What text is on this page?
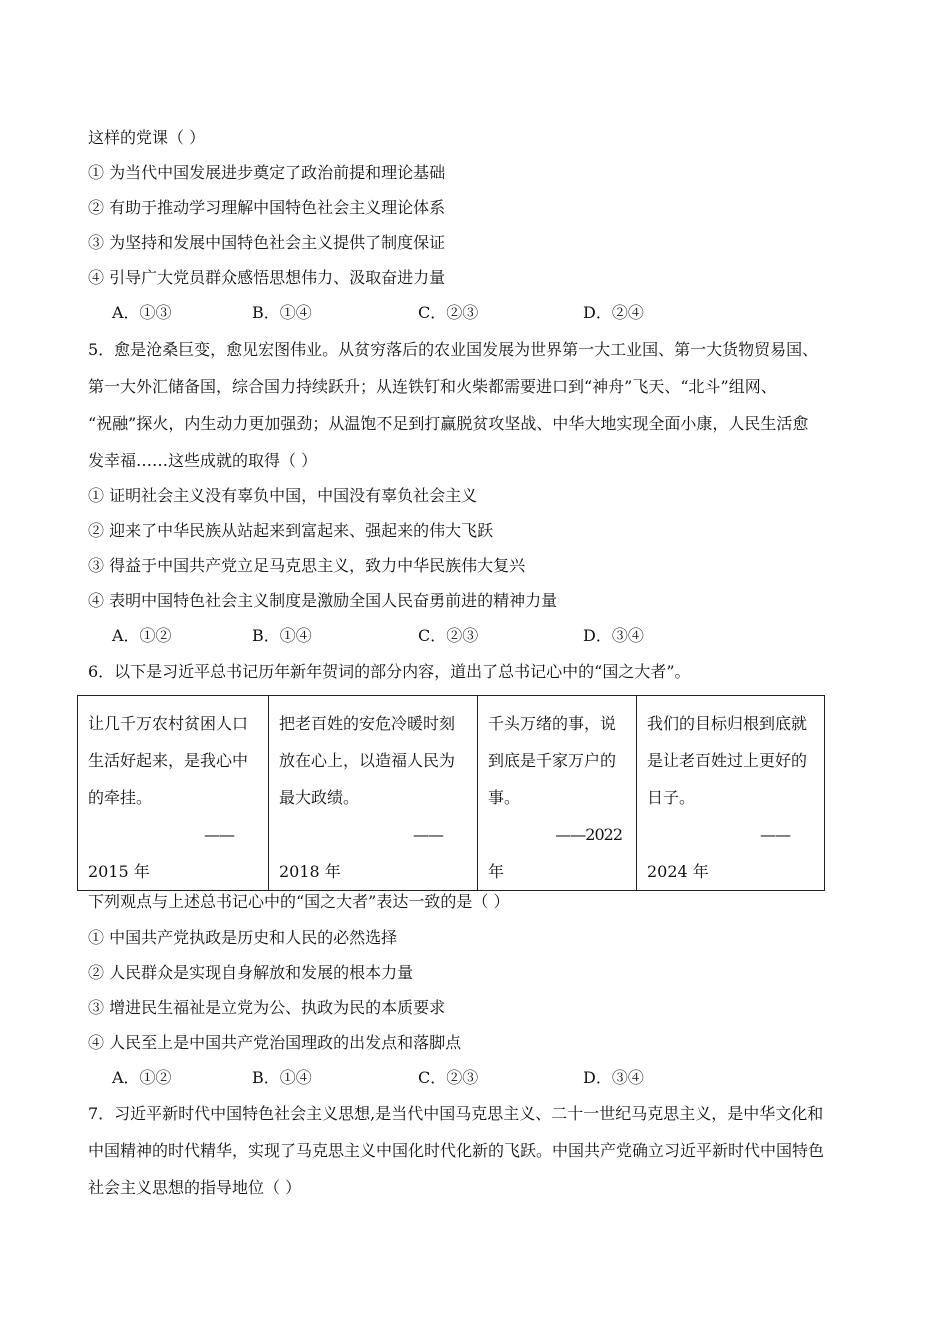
这样的党课（ ）
① 为当代中国发展进步奠定了政治前提和理论基础
② 有助于推动学习理解中国特色社会主义理论体系
③ 为坚持和发展中国特色社会主义提供了制度保证
④ 引导广大党员群众感悟思想伟力、汲取奋进力量
A．①③	B．①④	C．②③	D．②④
5．愈是沧桑巨变，愈见宏图伟业。从贫穷落后的农业国发展为世界第一大工业国、第一大货物贸易国、
第一大外汇储备国，综合国力持续跃升；从连铁钉和火柴都需要进口到“神舟”飞天、“北斗”组网、
“祝融”探火，内生动力更加强劲；从温饱不足到打赢脱贫攻坚战、中华大地实现全面小康，人民生活愈
发幸福……这些成就的取得（ ）
① 证明社会主义没有辜负中国，中国没有辜负社会主义
② 迎来了中华民族从站起来到富起来、强起来的伟大飞跃
③ 得益于中国共产党立足马克思主义，致力中华民族伟大复兴
④ 表明中国特色社会主义制度是激励全国人民奋勇前进的精神力量
A．①②	B．①④	C．②③	D．③④
6．以下是习近平总书记历年新年贺词的部分内容，道出了总书记心中的“国之大者”。
让几千万农村贫困人口生活好起来，是我心中的牵挂。
——
2015 年

把老百姓的安危冷暖时刻放在心上，以造福人民为最大政绩。
——
2018 年

千头万绪的事，说到底是千家万户的事。
——2022
年

我们的目标归根到底就是让老百姓过上更好的日子。
——
2024 年
下列观点与上述总书记心中的“国之大者”表达一致的是（ ）
① 中国共产党执政是历史和人民的必然选择
② 人民群众是实现自身解放和发展的根本力量
③ 增进民生福祉是立党为公、执政为民的本质要求
④ 人民至上是中国共产党治国理政的出发点和落脚点
A．①②	B．①④	C．②③	D．③④
7．习近平新时代中国特色社会主义思想,是当代中国马克思主义、二十一世纪马克思主义，是中华文化和
中国精神的时代精华，实现了马克思主义中国化时代化新的飞跃。中国共产党确立习近平新时代中国特色
社会主义思想的指导地位（ ）
